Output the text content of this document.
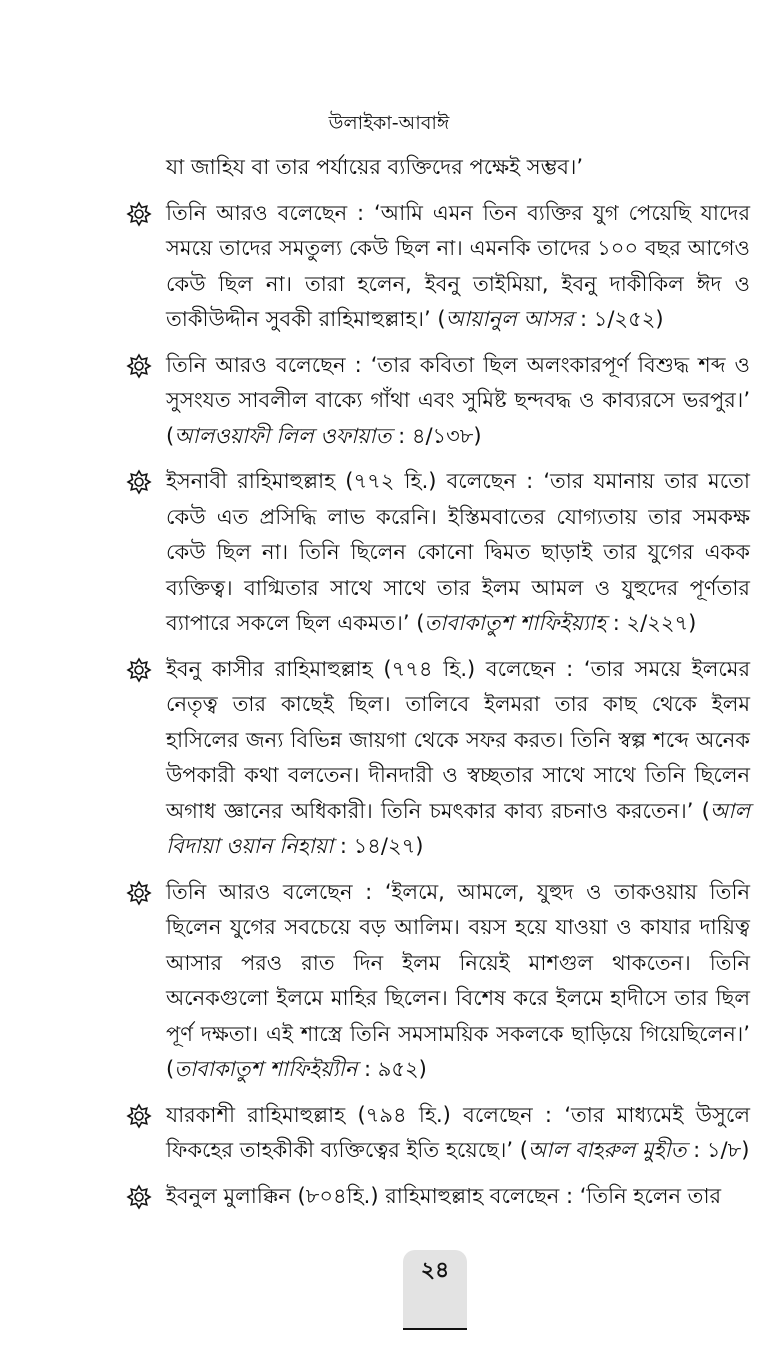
উলাইকা-আবাঈ
যা জাহিয বা তার পর্যায়ের ব্যক্তিদের পক্ষেই সম্ভব।’
তিনি আরও বলেছেন : ‘আমি এমন তিন ব্যক্তির যুগ পেয়েছি যাদের সময়ে তাদের সমতুল্য কেউ ছিল না। এমনকি তাদের ১০০ বছর আগেও কেউ ছিল না। তারা হলেন, ইবনু তাইমিয়া, ইবনু দাকীকিল ঈদ ও তাকীউদ্দীন সুবকী রাহিমাহুল্লাহ।’ (আয়ানুল আসর : ১/২৫২)
তিনি আরও বলেছেন : ‘তার কবিতা ছিল অলংকারপূর্ণ বিশুদ্ধ শব্দ ও সুসংযত সাবলীল বাক্যে গাঁথা এবং সুমিষ্ট ছন্দবদ্ধ ও কাব্যরসে ভরপুর।’ (আলওয়াফী লিল ওফায়াত : ৪/১৩৮)
ইসনাবী রাহিমাহুল্লাহ (৭৭২ হি.) বলেছেন : ‘তার যমানায় তার মতো কেউ এত প্রসিদ্ধি লাভ করেনি। ইস্তিমবাতের যোগ্যতায় তার সমকক্ষ কেউ ছিল না। তিনি ছিলেন কোনো দ্বিমত ছাড়াই তার যুগের একক ব্যক্তিত্ব। বাগ্মিতার সাথে সাথে তার ইলম আমল ও যুহুদের পূর্ণতার ব্যাপারে সকলে ছিল একমত।’ (তাবাকাতুশ শাফিইয়্যাহ : ২/২২৭)
ইবনু কাসীর রাহিমাহুল্লাহ (৭৭৪ হি.) বলেছেন : ‘তার সময়ে ইলমের নেতৃত্ব তার কাছেই ছিল। তালিবে ইলমরা তার কাছ থেকে ইলম হাসিলের জন্য বিভিন্ন জায়গা থেকে সফর করত। তিনি স্বল্প শব্দে অনেক উপকারী কথা বলতেন। দীনদারী ও স্বচ্ছতার সাথে সাথে তিনি ছিলেন অগাধ জ্ঞানের অধিকারী। তিনি চমৎকার কাব্য রচনাও করতেন।’ (আল বিদায়া ওয়ান নিহায়া : ১৪/২৭)
তিনি আরও বলেছেন : ‘ইলমে, আমলে, যুহুদ ও তাকওয়ায় তিনি ছিলেন যুগের সবচেয়ে বড় আলিম। বয়স হয়ে যাওয়া ও কাযার দায়িত্ব আসার পরও রাত দিন ইলম নিয়েই মাশগুল থাকতেন। তিনি অনেকগুলো ইলমে মাহির ছিলেন। বিশেষ করে ইলমে হাদীসে তার ছিল পূর্ণ দক্ষতা। এই শাস্ত্রে তিনি সমসাময়িক সকলকে ছাড়িয়ে গিয়েছিলেন।’ (তাবাকাতুশ শাফিইয়্যীন : ৯৫২)
যারকাশী রাহিমাহুল্লাহ (৭৯৪ হি.) বলেছেন : ‘তার মাধ্যমেই উসুলে ফিকহের তাহকীকী ব্যক্তিত্বের ইতি হয়েছে।’ (আল বাহরুল মুহীত : ১/৮)
ইবনুল মুলাক্কিন (৮০৪হি.) রাহিমাহুল্লাহ বলেছেন : ‘তিনি হলেন তার
২৪
